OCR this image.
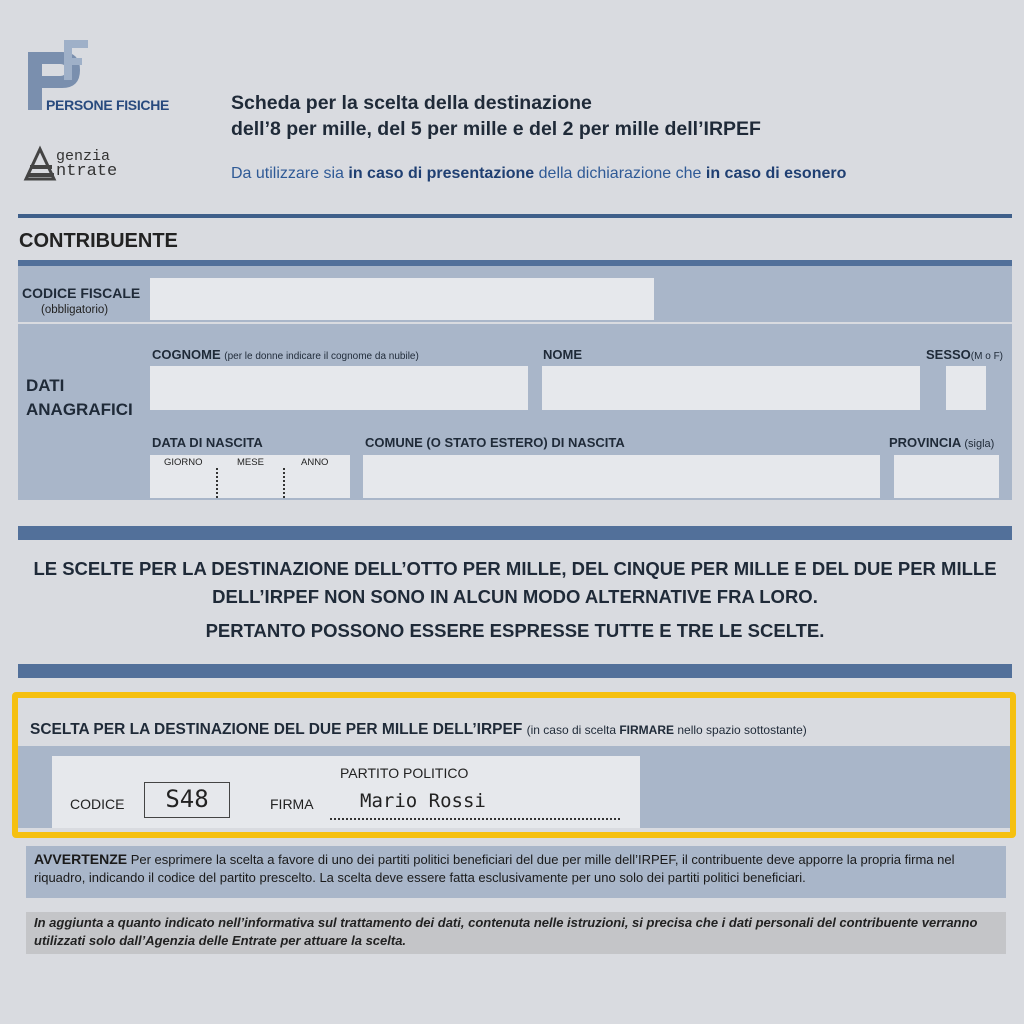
PERSONE FISICHE
genzia
ntrate
Scheda per la scelta della destinazione
dell’8 per mille, del 5 per mille e del 2 per mille dell’IRPEF
Da utilizzare sia in caso di presentazione della dichiarazione che in caso di esonero
CONTRIBUENTE
CODICE FISCALE
(obbligatorio)
DATI
ANAGRAFICI
COGNOME (per le donne indicare il cognome da nubile)	NOME	SESSO(M o F)
DATA DI NASCITA
GIORNO	MESE	ANNO
COMUNE (O STATO ESTERO) DI NASCITA	PROVINCIA (sigla)
LE SCELTE PER LA DESTINAZIONE DELL’OTTO PER MILLE, DEL CINQUE PER MILLE E DEL DUE PER MILLE
DELL’IRPEF NON SONO IN ALCUN MODO ALTERNATIVE FRA LORO.
PERTANTO POSSONO ESSERE ESPRESSE TUTTE E TRE LE SCELTE.
SCELTA PER LA DESTINAZIONE DEL DUE PER MILLE DELL’IRPEF (in caso di scelta FIRMARE nello spazio sottostante)
PARTITO POLITICO
CODICE	S48	FIRMA Mario Rossi
AVVERTENZE Per esprimere la scelta a favore di uno dei partiti politici beneficiari del due per mille dell’IRPEF, il contribuente deve apporre la propria firma nel riquadro, indicando il codice del partito prescelto. La scelta deve essere fatta esclusivamente per uno solo dei partiti politici beneficiari.
In aggiunta a quanto indicato nell’informativa sul trattamento dei dati, contenuta nelle istruzioni, si precisa che i dati personali del contribuente verranno utilizzati solo dall’Agenzia delle Entrate per attuare la scelta.
